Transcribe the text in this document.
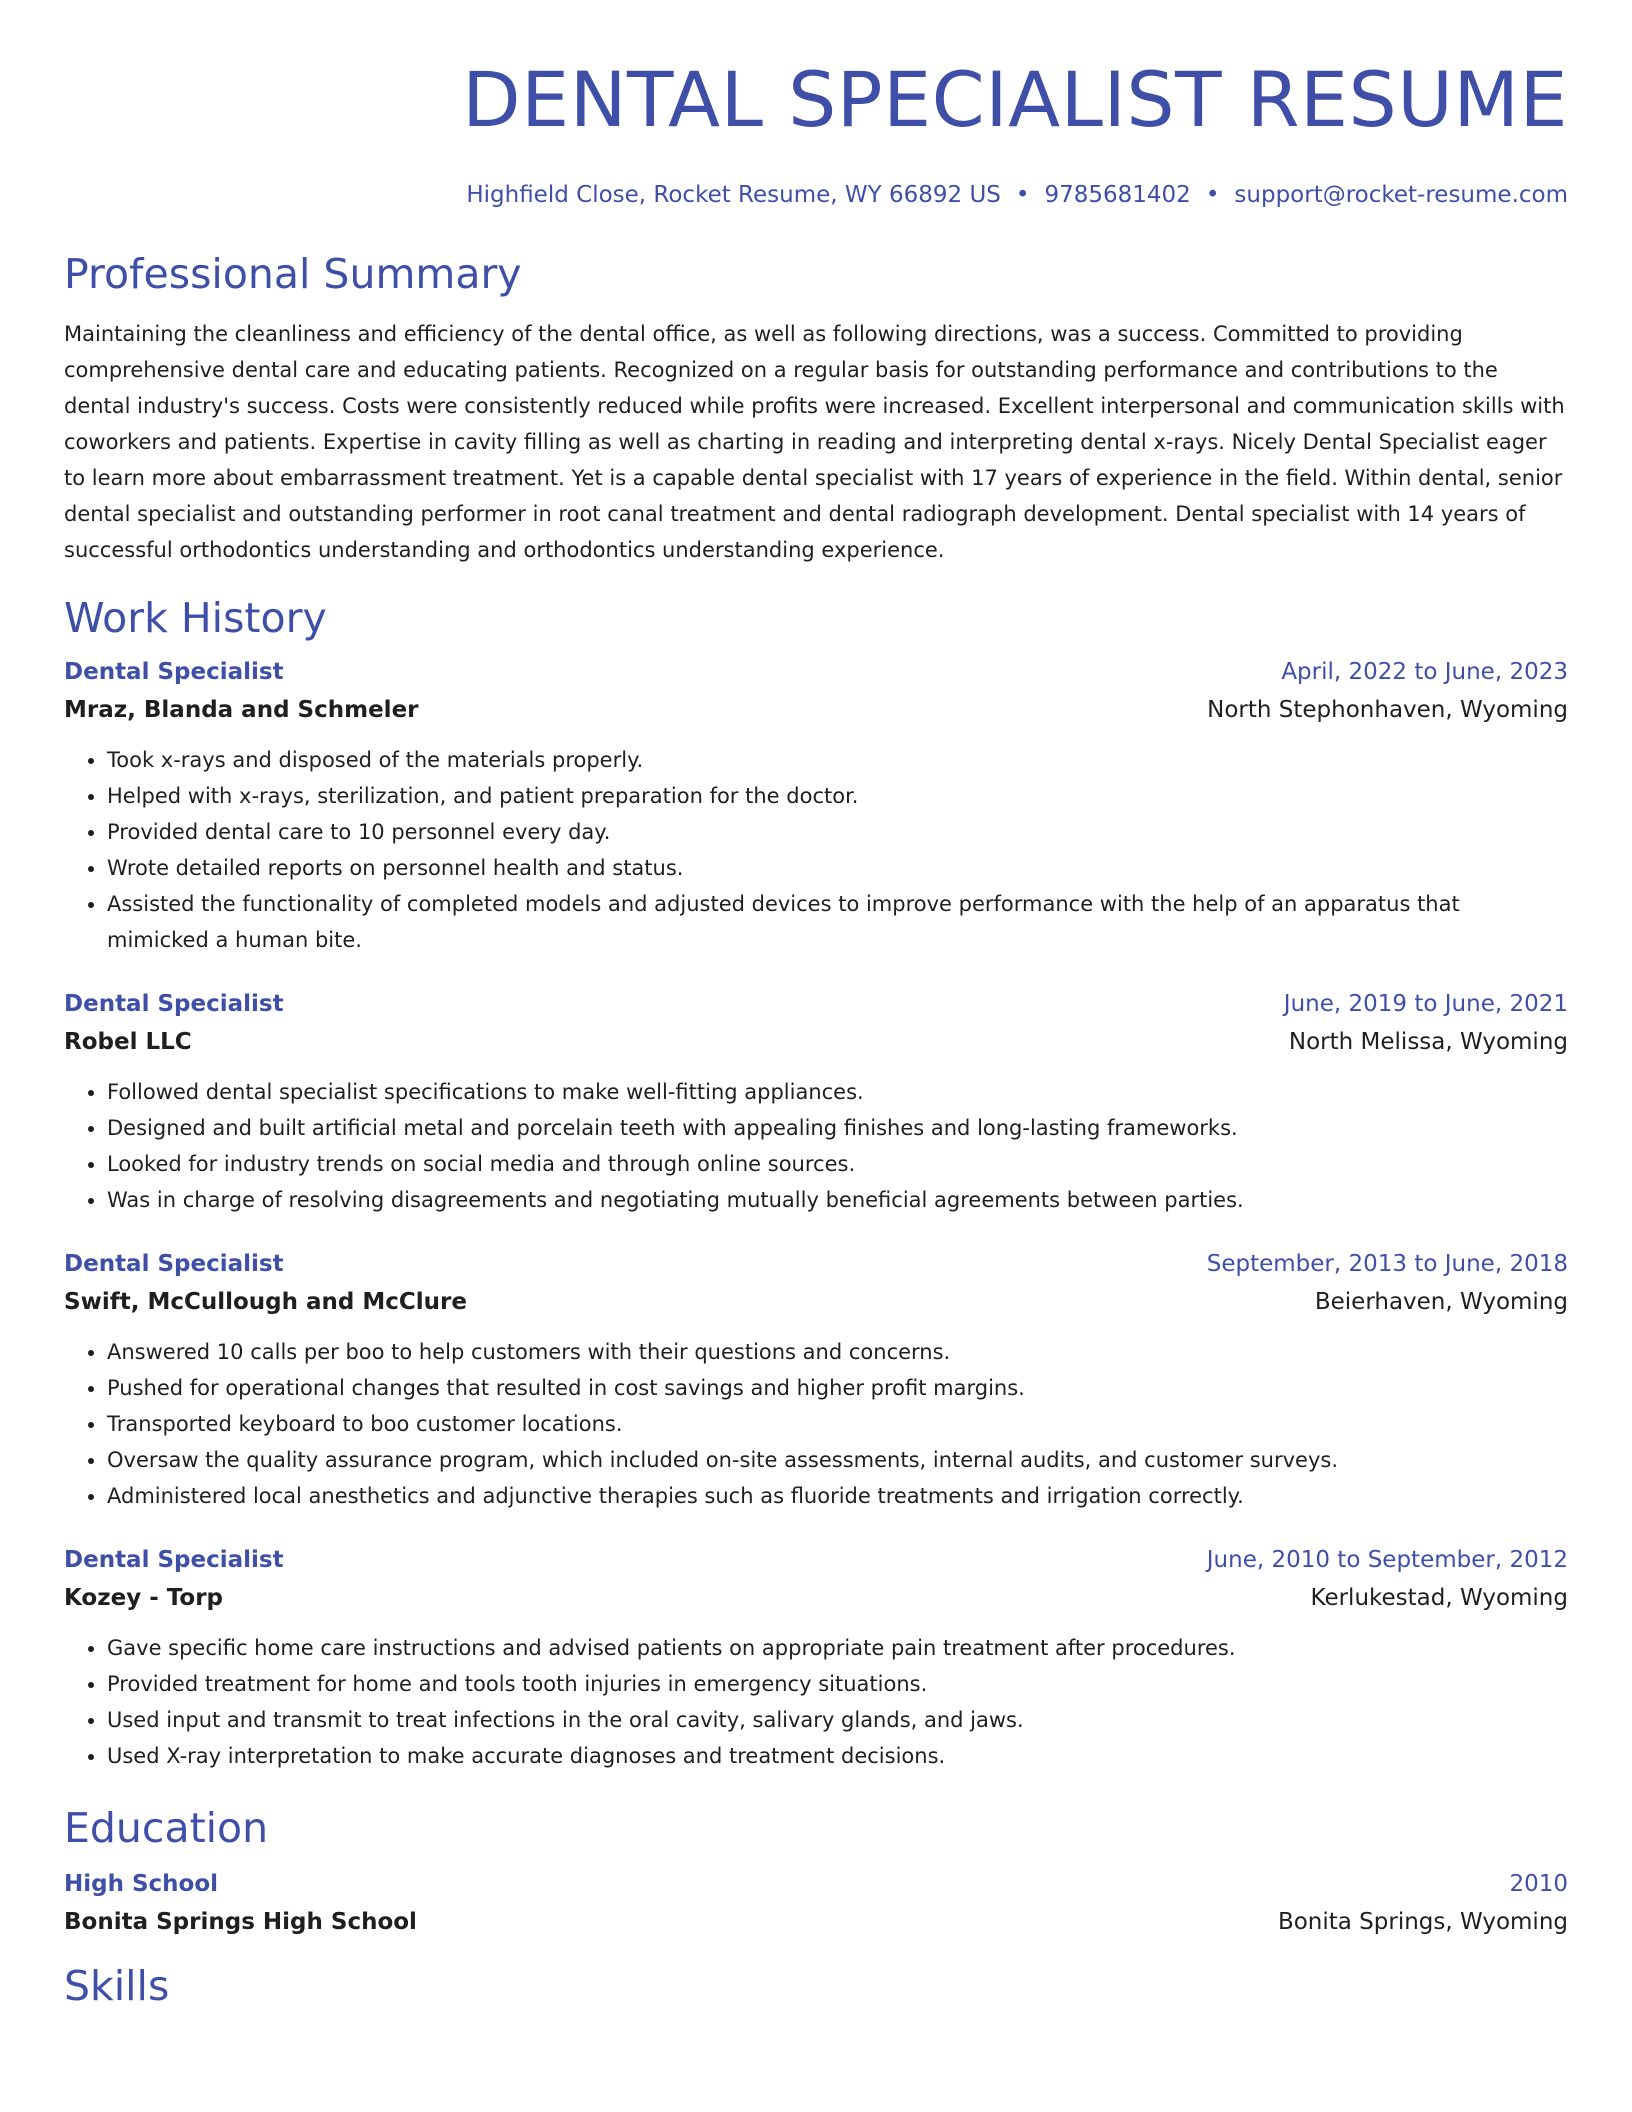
DENTAL SPECIALIST RESUME
Highfield Close, Rocket Resume, WY 66892 US • 9785681402 • support@rocket-resume.com
Professional Summary
Maintaining the cleanliness and efficiency of the dental office, as well as following directions, was a success. Committed to providing comprehensive dental care and educating patients. Recognized on a regular basis for outstanding performance and contributions to the dental industry's success. Costs were consistently reduced while profits were increased. Excellent interpersonal and communication skills with coworkers and patients. Expertise in cavity filling as well as charting in reading and interpreting dental x-rays. Nicely Dental Specialist eager to learn more about embarrassment treatment. Yet is a capable dental specialist with 17 years of experience in the field. Within dental, senior dental specialist and outstanding performer in root canal treatment and dental radiograph development. Dental specialist with 14 years of successful orthodontics understanding and orthodontics understanding experience.
Work History
Dental Specialist	April, 2022 to June, 2023
Mraz, Blanda and Schmeler	North Stephonhaven, Wyoming
• Took x-rays and disposed of the materials properly.
• Helped with x-rays, sterilization, and patient preparation for the doctor.
• Provided dental care to 10 personnel every day.
• Wrote detailed reports on personnel health and status.
• Assisted the functionality of completed models and adjusted devices to improve performance with the help of an apparatus that mimicked a human bite.
Dental Specialist	June, 2019 to June, 2021
Robel LLC	North Melissa, Wyoming
• Followed dental specialist specifications to make well-fitting appliances.
• Designed and built artificial metal and porcelain teeth with appealing finishes and long-lasting frameworks.
• Looked for industry trends on social media and through online sources.
• Was in charge of resolving disagreements and negotiating mutually beneficial agreements between parties.
Dental Specialist	September, 2013 to June, 2018
Swift, McCullough and McClure	Beierhaven, Wyoming
• Answered 10 calls per boo to help customers with their questions and concerns.
• Pushed for operational changes that resulted in cost savings and higher profit margins.
• Transported keyboard to boo customer locations.
• Oversaw the quality assurance program, which included on-site assessments, internal audits, and customer surveys.
• Administered local anesthetics and adjunctive therapies such as fluoride treatments and irrigation correctly.
Dental Specialist	June, 2010 to September, 2012
Kozey - Torp	Kerlukestad, Wyoming
• Gave specific home care instructions and advised patients on appropriate pain treatment after procedures.
• Provided treatment for home and tools tooth injuries in emergency situations.
• Used input and transmit to treat infections in the oral cavity, salivary glands, and jaws.
• Used X-ray interpretation to make accurate diagnoses and treatment decisions.
Education
High School	2010
Bonita Springs High School	Bonita Springs, Wyoming
Skills
